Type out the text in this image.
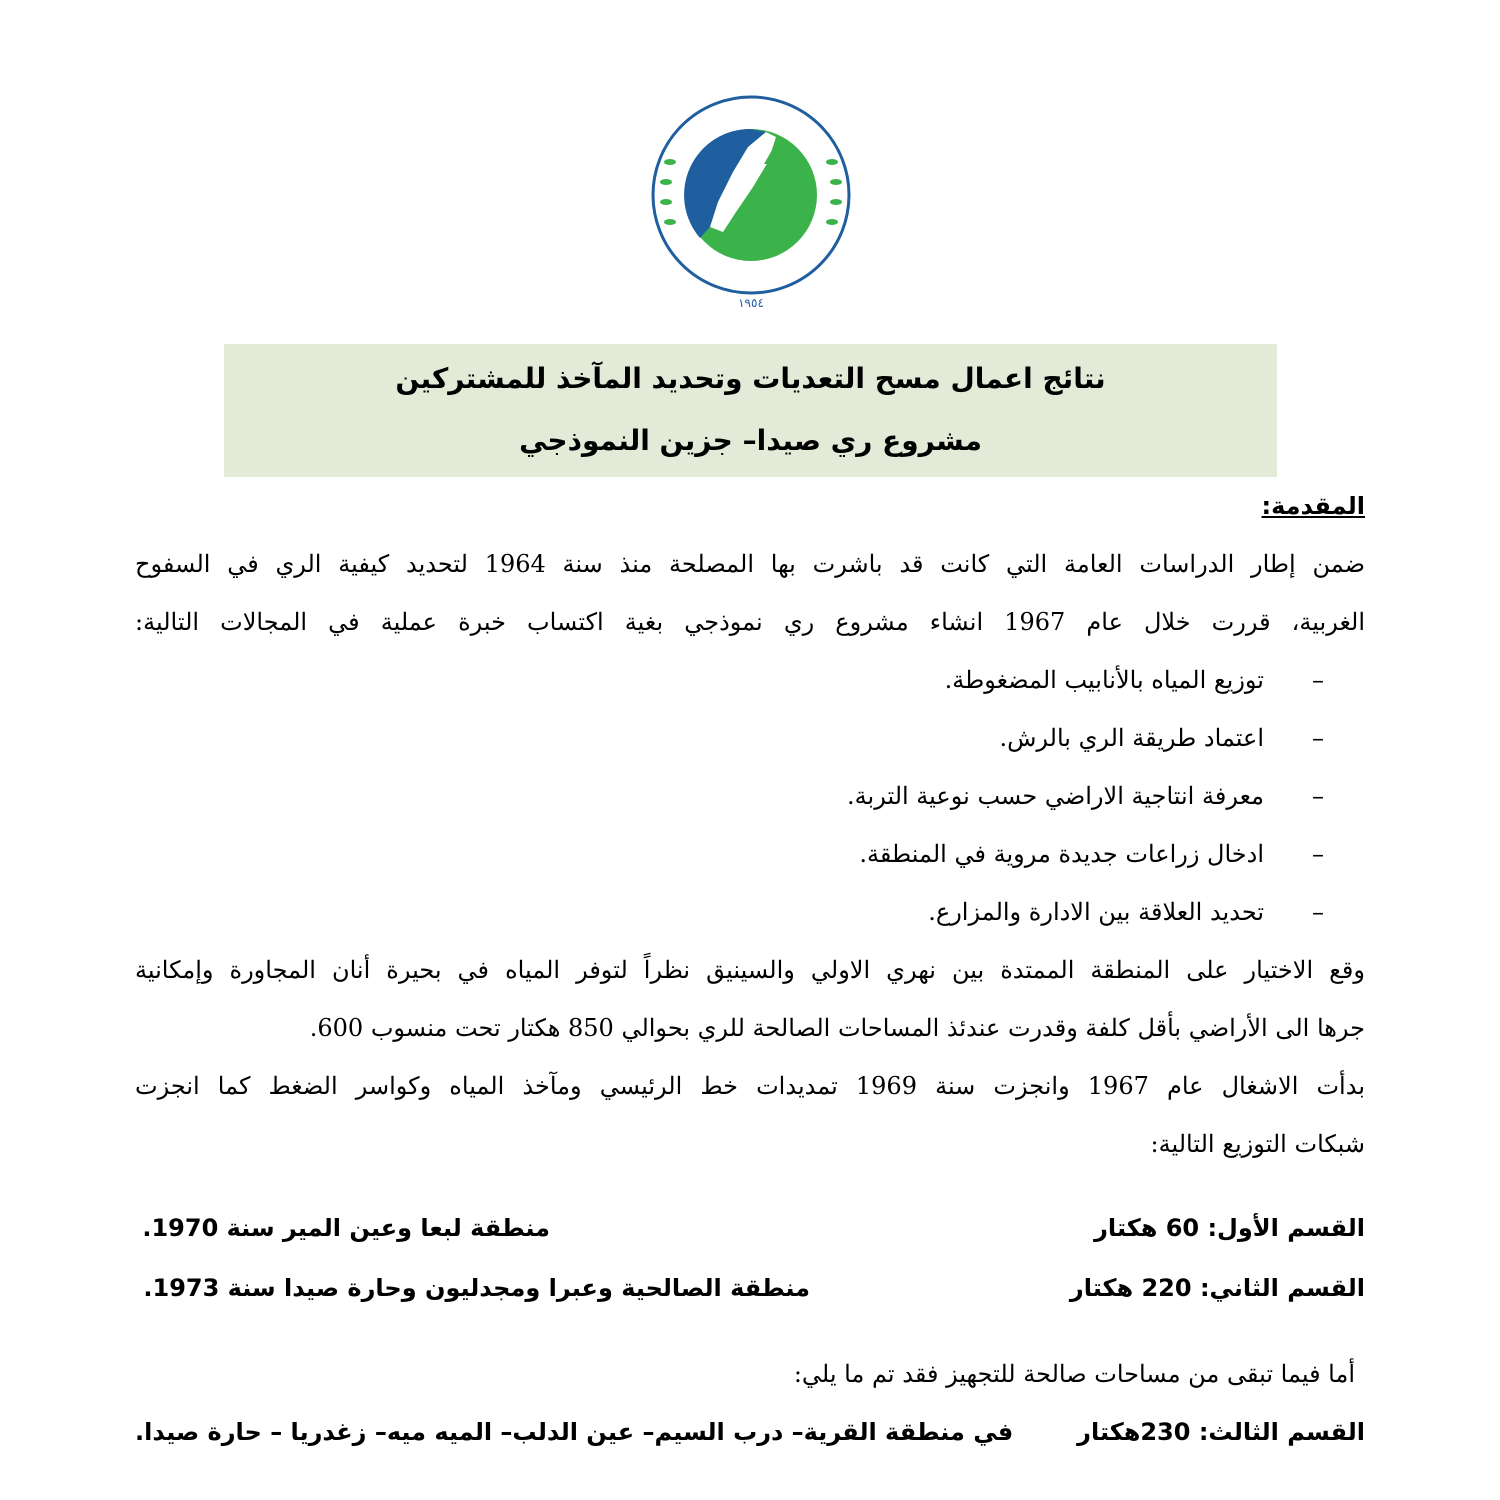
١٩٥٤
نتائج اعمال مسح التعديات وتحديد المآخذ للمشتركين
مشروع ري صيدا– جزين النموذجي
المقدمة:
ضمن إطار الدراسات العامة التي كانت قد باشرت بها المصلحة منذ سنة 1964 لتحديد كيفية الري في السفوح
الغربية، قررت خلال عام 1967 انشاء مشروع ري نموذجي بغية اكتساب خبرة عملية في المجالات التالية:
–
توزيع المياه بالأنابيب المضغوطة.
–
اعتماد طريقة الري بالرش.
–
معرفة انتاجية الاراضي حسب نوعية التربة.
–
ادخال زراعات جديدة مروية في المنطقة.
–
تحديد العلاقة بين الادارة والمزارع.
وقع الاختيار على المنطقة الممتدة بين نهري الاولي والسينيق نظراً لتوفر المياه في بحيرة أنان المجاورة وإمكانية
جرها الى الأراضي بأقل كلفة وقدرت عندئذ المساحات الصالحة للري بحوالي 850 هكتار تحت منسوب 600.
بدأت الاشغال عام 1967 وانجزت سنة 1969 تمديدات خط الرئيسي ومآخذ المياه وكواسر الضغط كما انجزت
شبكات التوزيع التالية:
القسم الأول: 60 هكتار
منطقة لبعا وعين المير سنة 1970.
القسم الثاني: 220 هكتار
منطقة الصالحية وعبرا ومجدليون وحارة صيدا سنة 1973.
أما فيما تبقى من مساحات صالحة للتجهيز فقد تم ما يلي:
القسم الثالث: 230هكتار
في منطقة القرية– درب السيم– عين الدلب– الميه ميه– زغدريا – حارة صيدا.
